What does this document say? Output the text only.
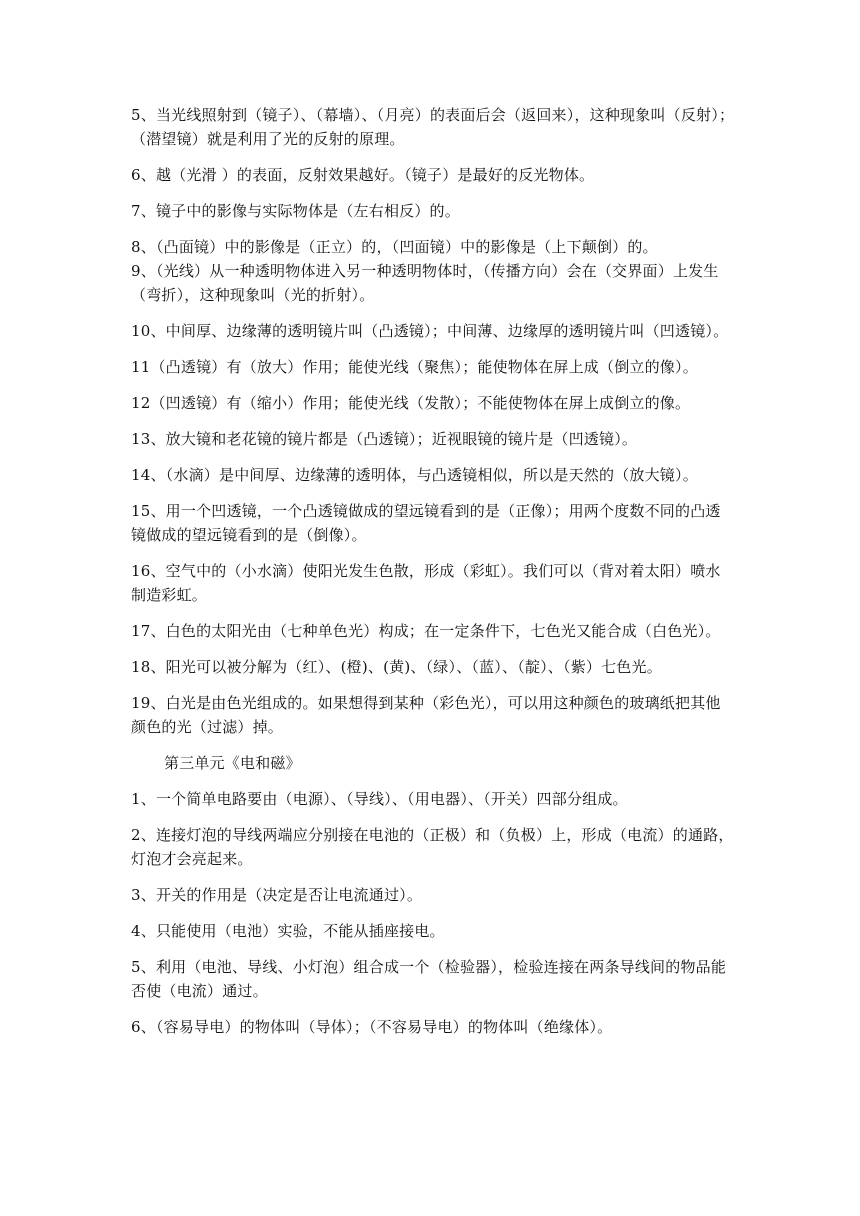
5、当光线照射到（镜子）、（幕墙）、（月亮）的表面后会（返回来），这种现象叫（反射）；（潜望镜）就是利用了光的反射的原理。

6、越（光滑 ）的表面，反射效果越好。（镜子）是最好的反光物体。

7、镜子中的影像与实际物体是（左右相反）的。

8、（凸面镜）中的影像是（正立）的，（凹面镜）中的影像是（上下颠倒）的。

9、（光线）从一种透明物体进入另一种透明物体时，（传播方向）会在（交界面）上发生（弯折），这种现象叫（光的折射）。

10、中间厚、边缘薄的透明镜片叫（凸透镜）；中间薄、边缘厚的透明镜片叫（凹透镜）。

11（凸透镜）有（放大）作用；能使光线（聚焦）；能使物体在屏上成（倒立的像）。

12（凹透镜）有（缩小）作用；能使光线（发散）；不能使物体在屏上成倒立的像。

13、放大镜和老花镜的镜片都是（凸透镜）；近视眼镜的镜片是（凹透镜）。

14、（水滴）是中间厚、边缘薄的透明体，与凸透镜相似，所以是天然的（放大镜）。

15、用一个凹透镜，一个凸透镜做成的望远镜看到的是（正像）；用两个度数不同的凸透镜做成的望远镜看到的是（倒像）。

16、空气中的（小水滴）使阳光发生色散，形成（彩虹）。我们可以（背对着太阳）喷水制造彩虹。

17、白色的太阳光由（七种单色光）构成；在一定条件下，七色光又能合成（白色光）。

18、阳光可以被分解为（红）、(橙)、(黄)、（绿）、（蓝）、（靛）、（紫）七色光。

19、白光是由色光组成的。如果想得到某种（彩色光），可以用这种颜色的玻璃纸把其他颜色的光（过滤）掉。

第三单元《电和磁》

1、一个简单电路要由（电源）、（导线）、（用电器）、（开关）四部分组成。

2、连接灯泡的导线两端应分别接在电池的（正极）和（负极）上，形成（电流）的通路，灯泡才会亮起来。

3、开关的作用是（决定是否让电流通过）。

4、只能使用（电池）实验，不能从插座接电。

5、利用（电池、导线、小灯泡）组合成一个（检验器），检验连接在两条导线间的物品能否使（电流）通过。

6、（容易导电）的物体叫（导体）；（不容易导电）的物体叫（绝缘体）。
